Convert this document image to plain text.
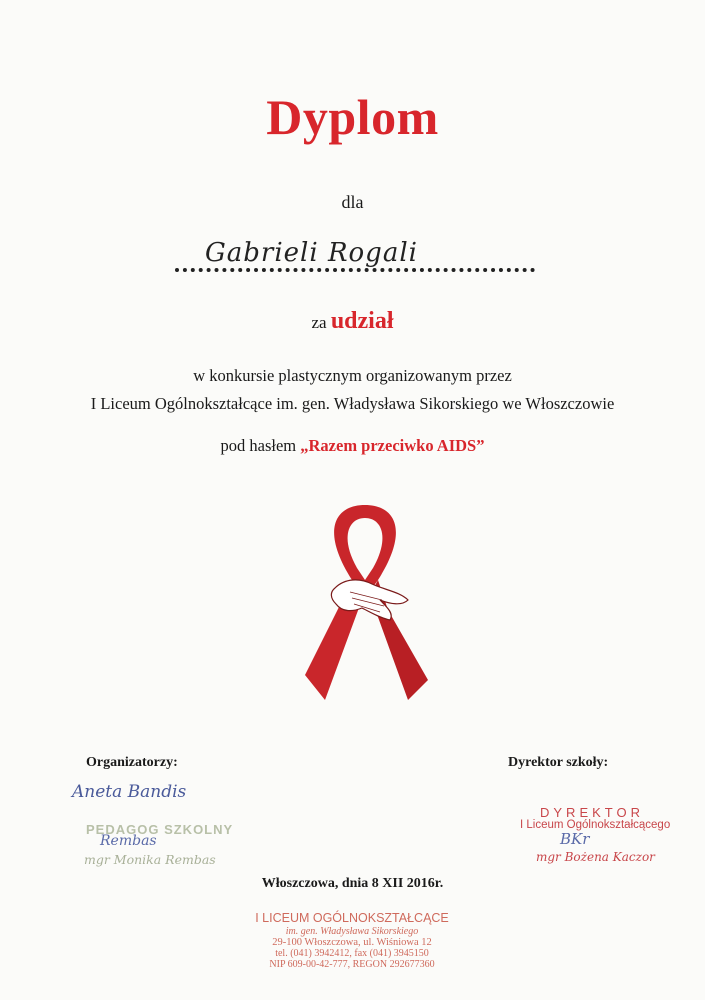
Dyplom
dla
Gabrieli Rogali
za udział
w konkursie plastycznym organizowanym przez
I Liceum Ogólnokształcące im. gen. Władysława Sikorskiego we Włoszczowie
pod hasłem „Razem przeciwko AIDS”
Organizatorzy:	Dyrektor szkoły:
Aneta Bandis
PEDAGOG SZKOLNY
Rembas
mgr Monika Rembas
DYREKTOR
I Liceum Ogólnokształcącego
BKr
mgr Bożena Kaczor
Włoszczowa, dnia 8 XII 2016r.
I LICEUM OGÓLNOKSZTAŁCĄCE
im. gen. Władysława Sikorskiego
29-100 Włoszczowa, ul. Wiśniowa 12
tel. (041) 3942412, fax (041) 3945150
NIP 609-00-42-777, REGON 292677360
